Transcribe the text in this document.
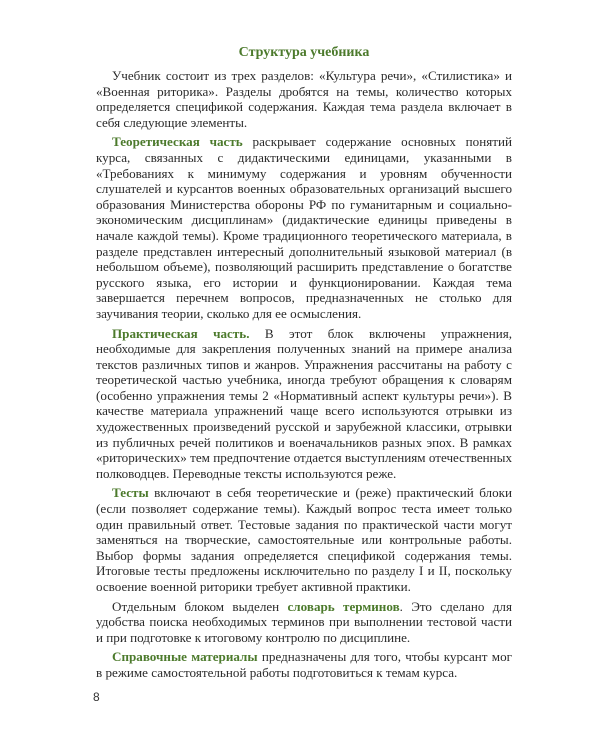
Структура учебника

Учебник состоит из трех разделов: «Культура речи», «Стилистика» и «Военная риторика». Разделы дробятся на темы, количество которых определяется спецификой содержания. Каждая тема раздела включает в себя следующие элементы.

Теоретическая часть раскрывает содержание основных понятий курса, связанных с дидактическими единицами, указанными в «Требованиях к минимуму содержания и уровням обученности слушателей и курсантов военных образовательных организаций высшего образования Министерства обороны РФ по гуманитарным и социально-экономическим дисциплинам» (дидактические единицы приведены в начале каждой темы). Кроме традиционного теоретического материала, в разделе представлен интересный дополнительный языковой материал (в небольшом объеме), позволяющий расширить представление о богатстве русского языка, его истории и функционировании. Каждая тема завершается перечнем вопросов, предназначенных не столько для заучивания теории, сколько для ее осмысления.

Практическая часть. В этот блок включены упражнения, необходимые для закрепления полученных знаний на примере анализа текстов различных типов и жанров. Упражнения рассчитаны на работу с теоретической частью учебника, иногда требуют обращения к словарям (особенно упражнения темы 2 «Нормативный аспект культуры речи»). В качестве материала упражнений чаще всего используются отрывки из художественных произведений русской и зарубежной классики, отрывки из публичных речей политиков и военачальников разных эпох. В рамках «риторических» тем предпочтение отдается выступлениям отечественных полководцев. Переводные тексты используются реже.

Тесты включают в себя теоретические и (реже) практический блоки (если позволяет содержание темы). Каждый вопрос теста имеет только один правильный ответ. Тестовые задания по практической части могут заменяться на творческие, самостоятельные или контрольные работы. Выбор формы задания определяется спецификой содержания темы. Итоговые тесты предложены исключительно по разделу I и II, поскольку освоение военной риторики требует активной практики.

Отдельным блоком выделен словарь терминов. Это сделано для удобства поиска необходимых терминов при выполнении тестовой части и при подготовке к итоговому контролю по дисциплине.

Справочные материалы предназначены для того, чтобы курсант мог в режиме самостоятельной работы подготовиться к темам курса.

8
